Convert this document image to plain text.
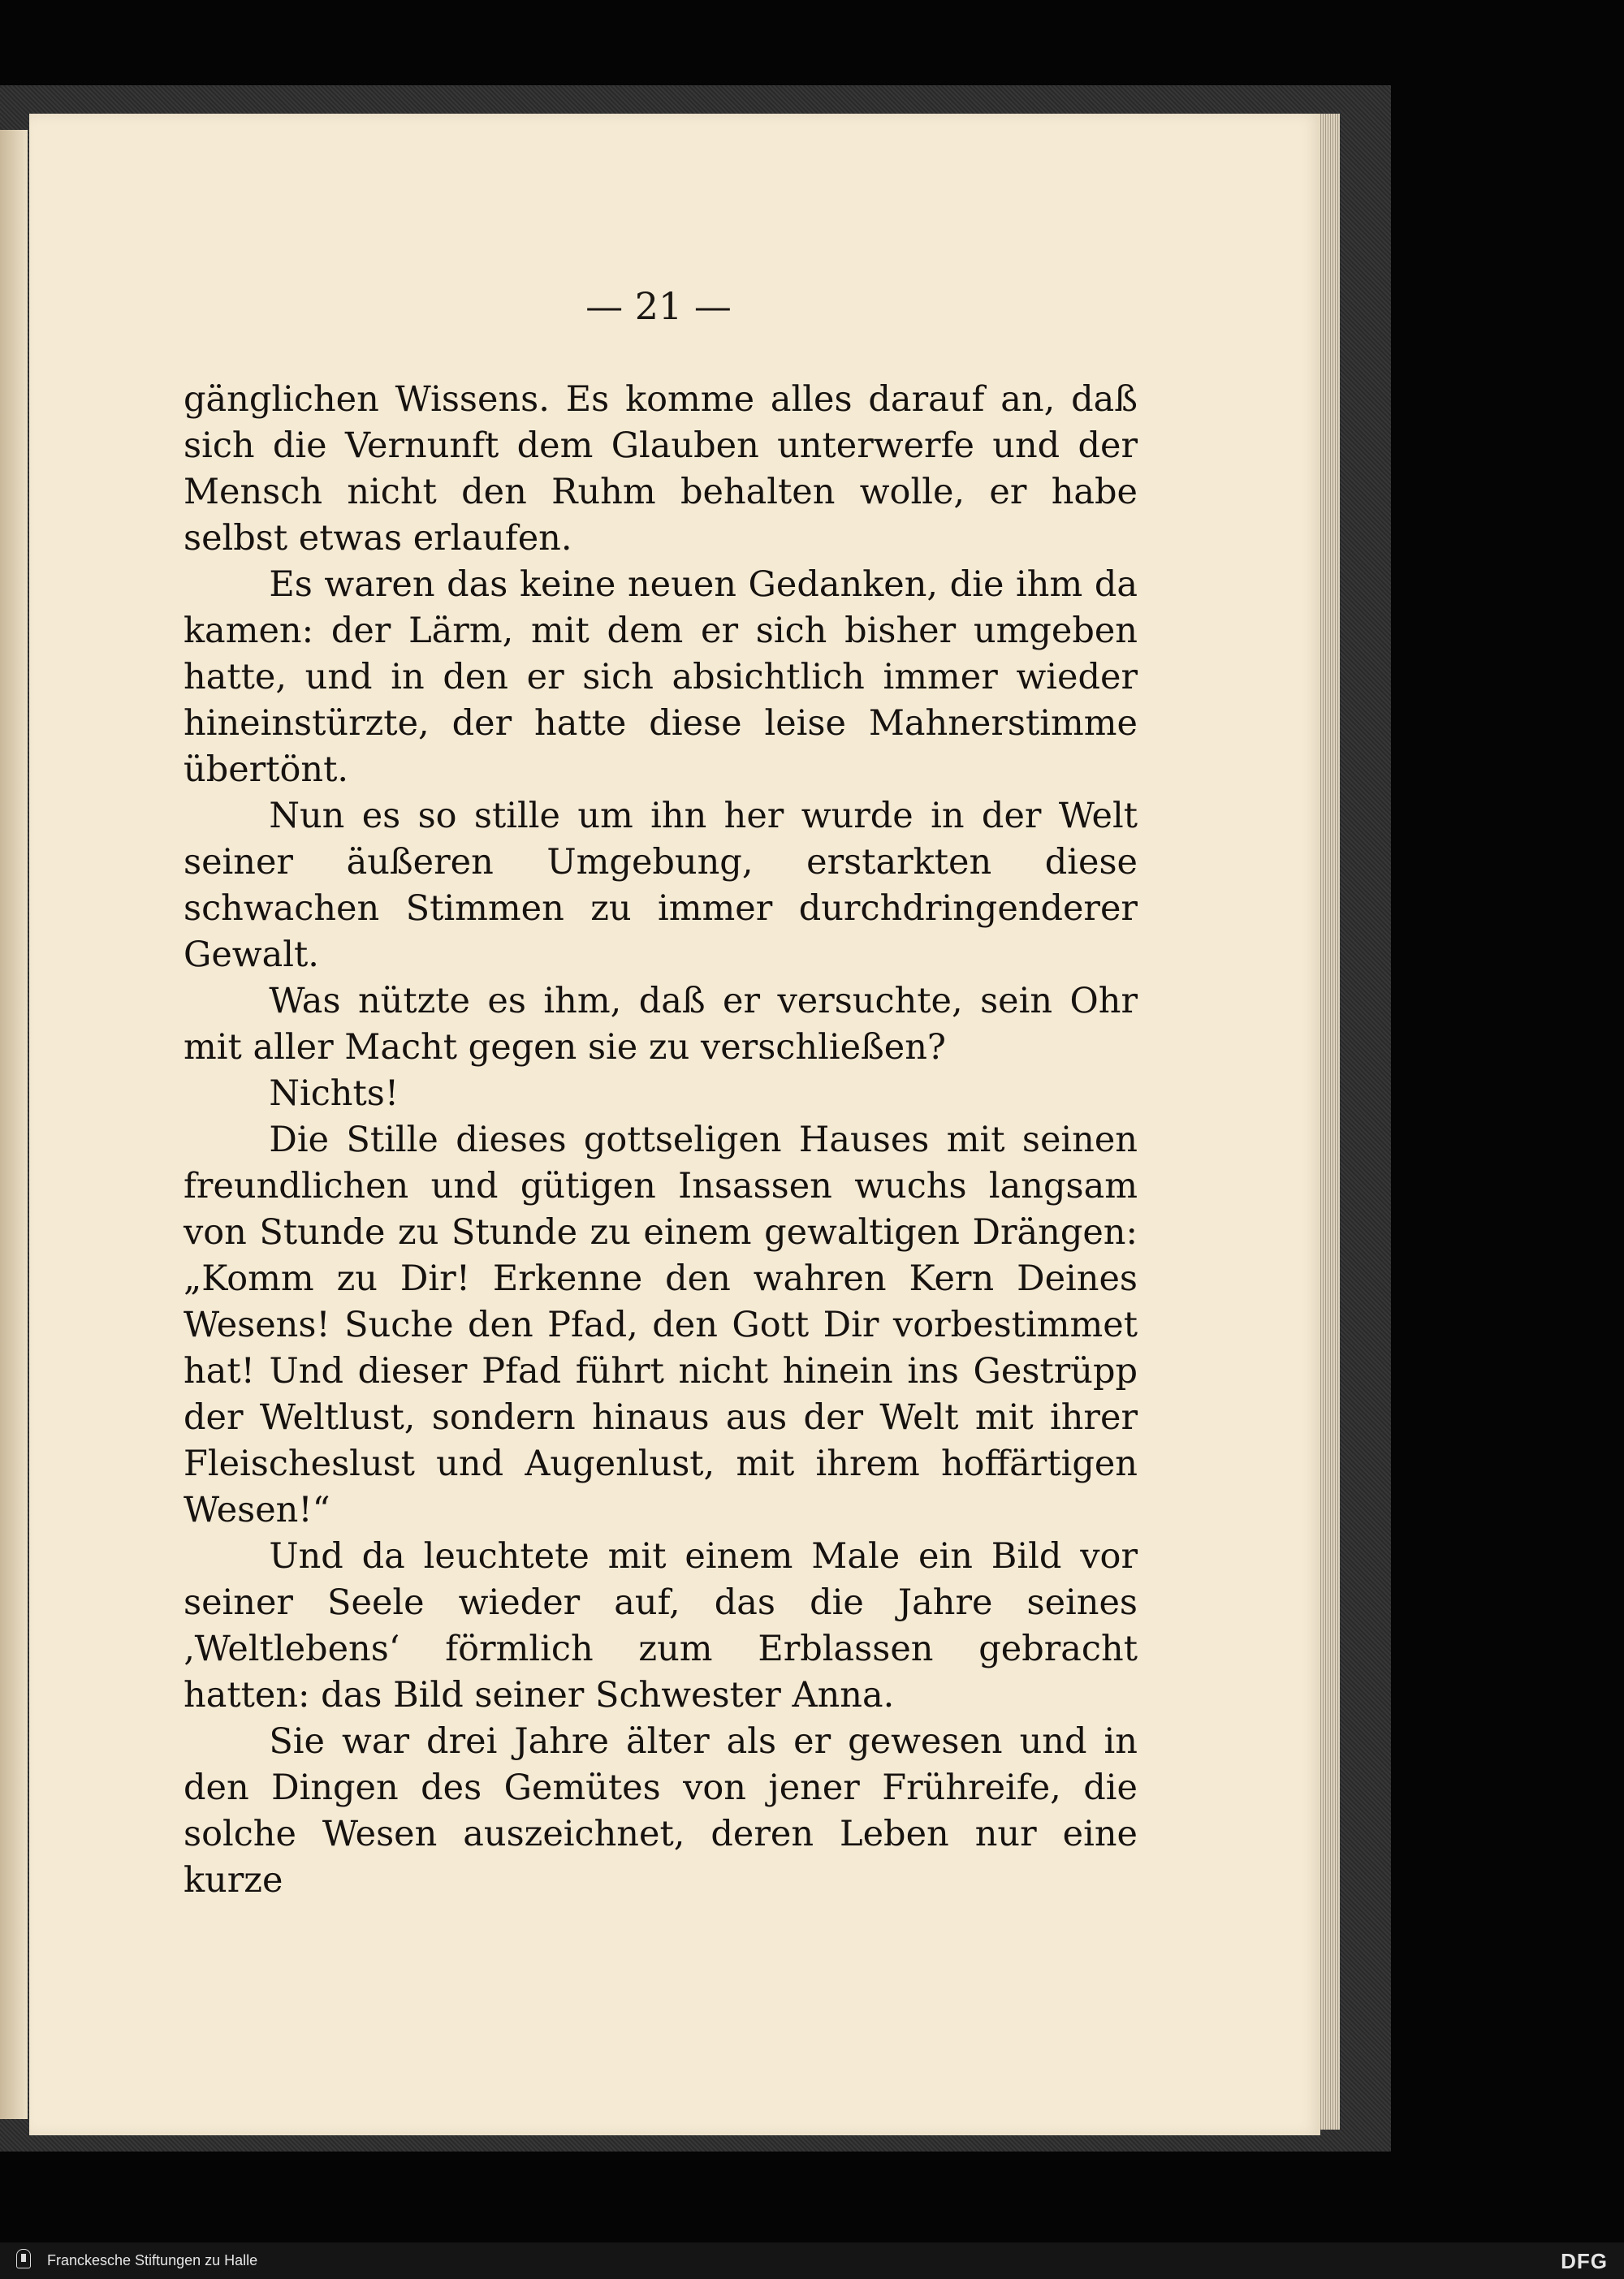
— 21 —

gänglichen Wissens. Es komme alles darauf an, daß sich die Vernunft dem Glauben unterwerfe und der Mensch nicht den Ruhm behalten wolle, er habe selbst etwas erlaufen.

Es waren das keine neuen Gedanken, die ihm da kamen: der Lärm, mit dem er sich bisher umgeben hatte, und in den er sich absichtlich immer wieder hineinstürzte, der hatte diese leise Mahnerstimme übertönt.

Nun es so stille um ihn her wurde in der Welt seiner äußeren Umgebung, erstarkten diese schwachen Stimmen zu immer durchdringenderer Gewalt.

Was nützte es ihm, daß er versuchte, sein Ohr mit aller Macht gegen sie zu verschließen?

Nichts!

Die Stille dieses gottseligen Hauses mit seinen freundlichen und gütigen Insassen wuchs langsam von Stunde zu Stunde zu einem gewaltigen Drängen: „Komm zu Dir! Erkenne den wahren Kern Deines Wesens! Suche den Pfad, den Gott Dir vorbestimmet hat! Und dieser Pfad führt nicht hinein ins Gestrüpp der Weltlust, sondern hinaus aus der Welt mit ihrer Fleischeslust und Augenlust, mit ihrem hoffärtigen Wesen!“

Und da leuchtete mit einem Male ein Bild vor seiner Seele wieder auf, das die Jahre seines ‚Weltlebens‘ förmlich zum Erblassen gebracht hatten: das Bild seiner Schwester Anna.

Sie war drei Jahre älter als er gewesen und in den Dingen des Gemütes von jener Frühreife, die solche Wesen auszeichnet, deren Leben nur eine kurze

Franckesche Stiftungen zu Halle	DFG
